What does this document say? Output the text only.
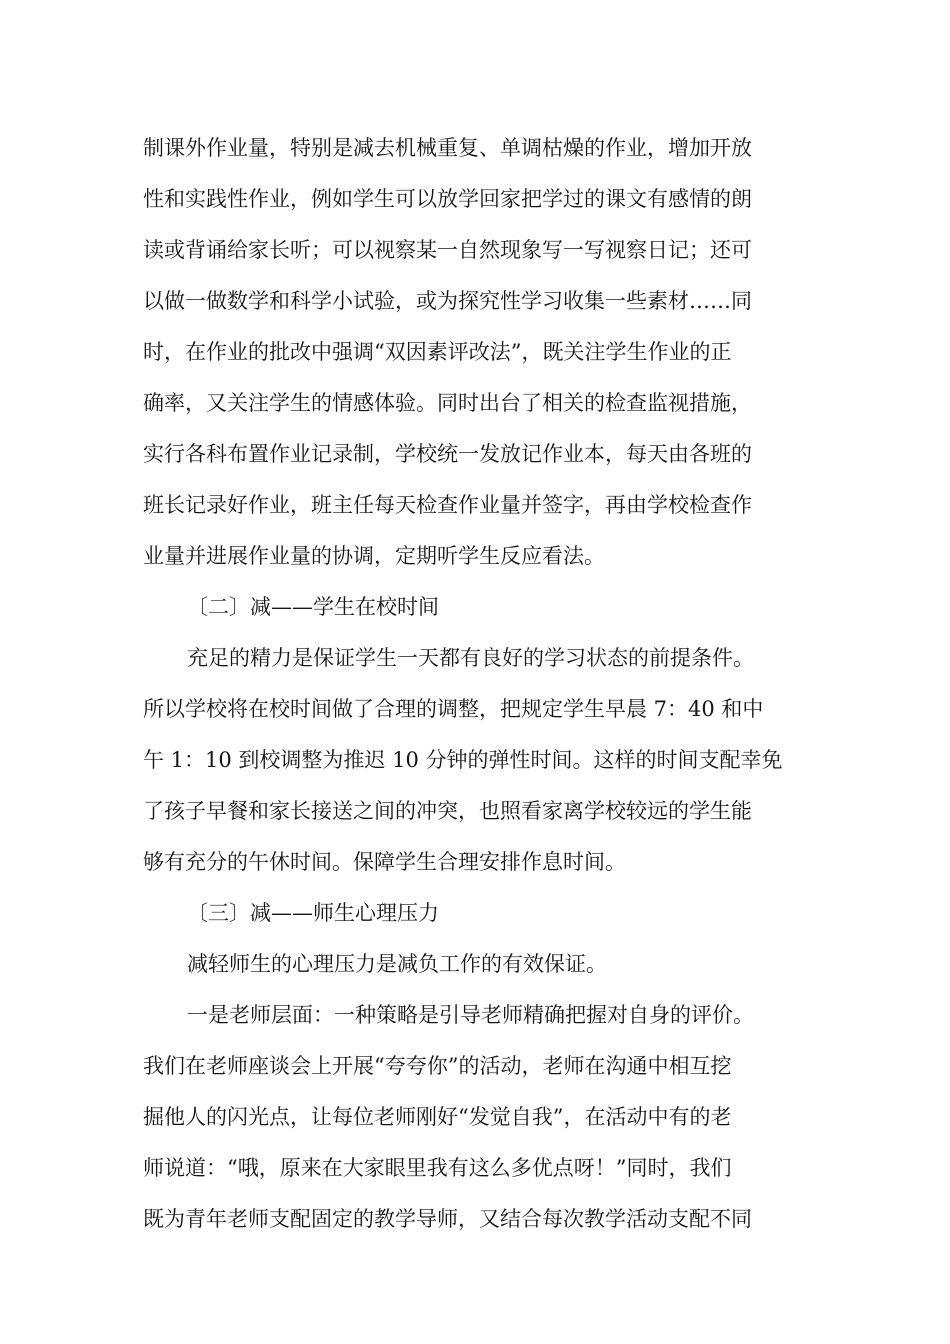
制课外作业量，特别是减去机械重复、单调枯燥的作业，增加开放
性和实践性作业，例如学生可以放学回家把学过的课文有感情的朗
读或背诵给家长听；可以视察某一自然现象写一写视察日记；还可
以做一做数学和科学小试验，或为探究性学习收集一些素材……同
时，在作业的批改中强调“双因素评改法”，既关注学生作业的正
确率，又关注学生的情感体验。同时出台了相关的检查监视措施，
实行各科布置作业记录制，学校统一发放记作业本，每天由各班的
班长记录好作业，班主任每天检查作业量并签字，再由学校检查作
业量并进展作业量的协调，定期听学生反应看法。
〔二〕减——学生在校时间
充足的精力是保证学生一天都有良好的学习状态的前提条件。
所以学校将在校时间做了合理的调整，把规定学生早晨 7：40 和中
午 1：10 到校调整为推迟 10 分钟的弹性时间。这样的时间支配幸免
了孩子早餐和家长接送之间的冲突，也照看家离学校较远的学生能
够有充分的午休时间。保障学生合理安排作息时间。
〔三〕减——师生心理压力
减轻师生的心理压力是减负工作的有效保证。
一是老师层面：一种策略是引导老师精确把握对自身的评价。
我们在老师座谈会上开展“夸夸你”的活动，老师在沟通中相互挖
掘他人的闪光点，让每位老师刚好“发觉自我”，在活动中有的老
师说道：“哦，原来在大家眼里我有这么多优点呀！”同时，我们
既为青年老师支配固定的教学导师，又结合每次教学活动支配不同
